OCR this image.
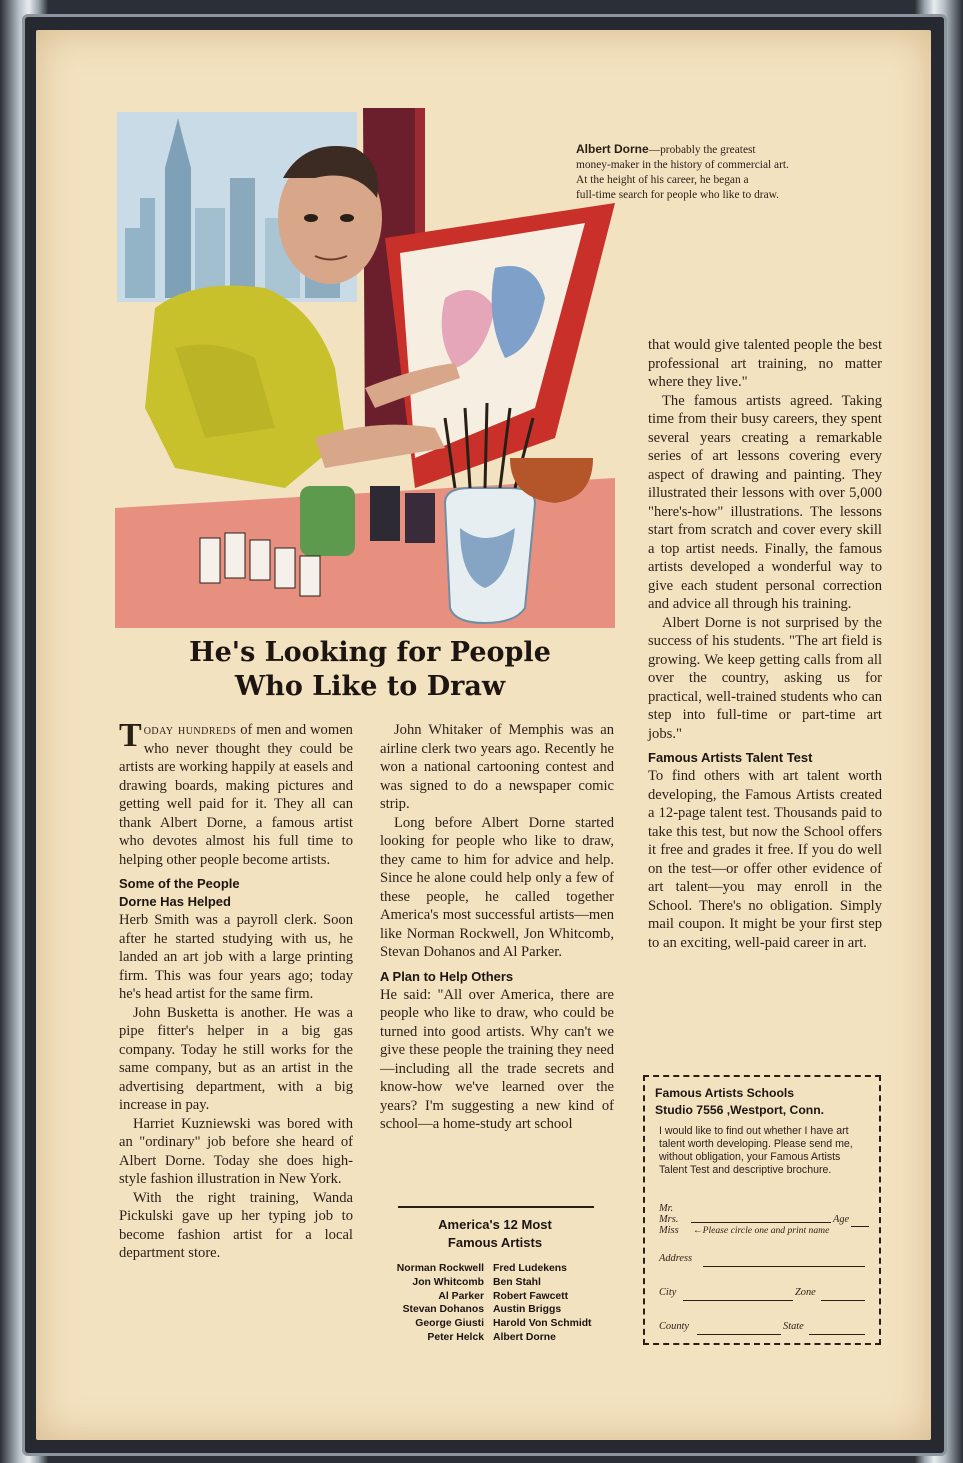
Albert Dorne—probably the greatest
money-maker in the history of commercial art.
At the height of his career, he began a
full-time search for people who like to draw.
He's Looking for People
Who Like to Draw

Today hundreds of men and women who never thought they could be artists are working happily at easels and drawing boards, making pictures and getting well paid for it. They all can thank Albert Dorne, a famous artist who devotes almost his full time to helping other people become artists.

Some of the People
Dorne Has Helped

Herb Smith was a payroll clerk. Soon after he started studying with us, he landed an art job with a large printing firm. This was four years ago; today he's head artist for the same firm.

John Busketta is another. He was a pipe fitter's helper in a big gas company. Today he still works for the same company, but as an artist in the advertising department, with a big increase in pay.

Harriet Kuzniewski was bored with an "ordinary" job before she heard of Albert Dorne. Today she does high-style fashion illustration in New York.

With the right training, Wanda Pickulski gave up her typing job to become fashion artist for a local department store.

John Whitaker of Memphis was an airline clerk two years ago. Recently he won a national cartooning contest and was signed to do a newspaper comic strip.

Long before Albert Dorne started looking for people who like to draw, they came to him for advice and help. Since he alone could help only a few of these people, he called together America's most successful artists—men like Norman Rockwell, Jon Whitcomb, Stevan Dohanos and Al Parker.

A Plan to Help Others

He said: "All over America, there are people who like to draw, who could be turned into good artists. Why can't we give these people the training they need—including all the trade secrets and know-how we've learned over the years? I'm suggesting a new kind of school—a home-study art school

America's 12 Most
Famous Artists
Norman Rockwell Fred Ludekens
Jon Whitcomb Ben Stahl
Al Parker Robert Fawcett
Stevan Dohanos Austin Briggs
George Giusti Harold Von Schmidt
Peter Helck Albert Dorne

that would give talented people the best professional art training, no matter where they live."

The famous artists agreed. Taking time from their busy careers, they spent several years creating a remarkable series of art lessons covering every aspect of drawing and painting. They illustrated their lessons with over 5,000 "here's-how" illustrations. The lessons start from scratch and cover every skill a top artist needs. Finally, the famous artists developed a wonderful way to give each student personal correction and advice all through his training.

Albert Dorne is not surprised by the success of his students. "The art field is growing. We keep getting calls from all over the country, asking us for practical, well-trained students who can step into full-time or part-time art jobs."

Famous Artists Talent Test

To find others with art talent worth developing, the Famous Artists created a 12-page talent test. Thousands paid to take this test, but now the School offers it free and grades it free. If you do well on the test—or offer other evidence of art talent—you may enroll in the School. There's no obligation. Simply mail coupon. It might be your first step to an exciting, well-paid career in art.

Famous Artists Schools
Studio 7556 ,Westport, Conn.
I would like to find out whether I have art talent worth developing. Please send me, without obligation, your Famous Artists Talent Test and descriptive brochure.
Mr.
Mrs.
Miss
Age
←Please circle one and print name
Address
City	Zone
County	State
